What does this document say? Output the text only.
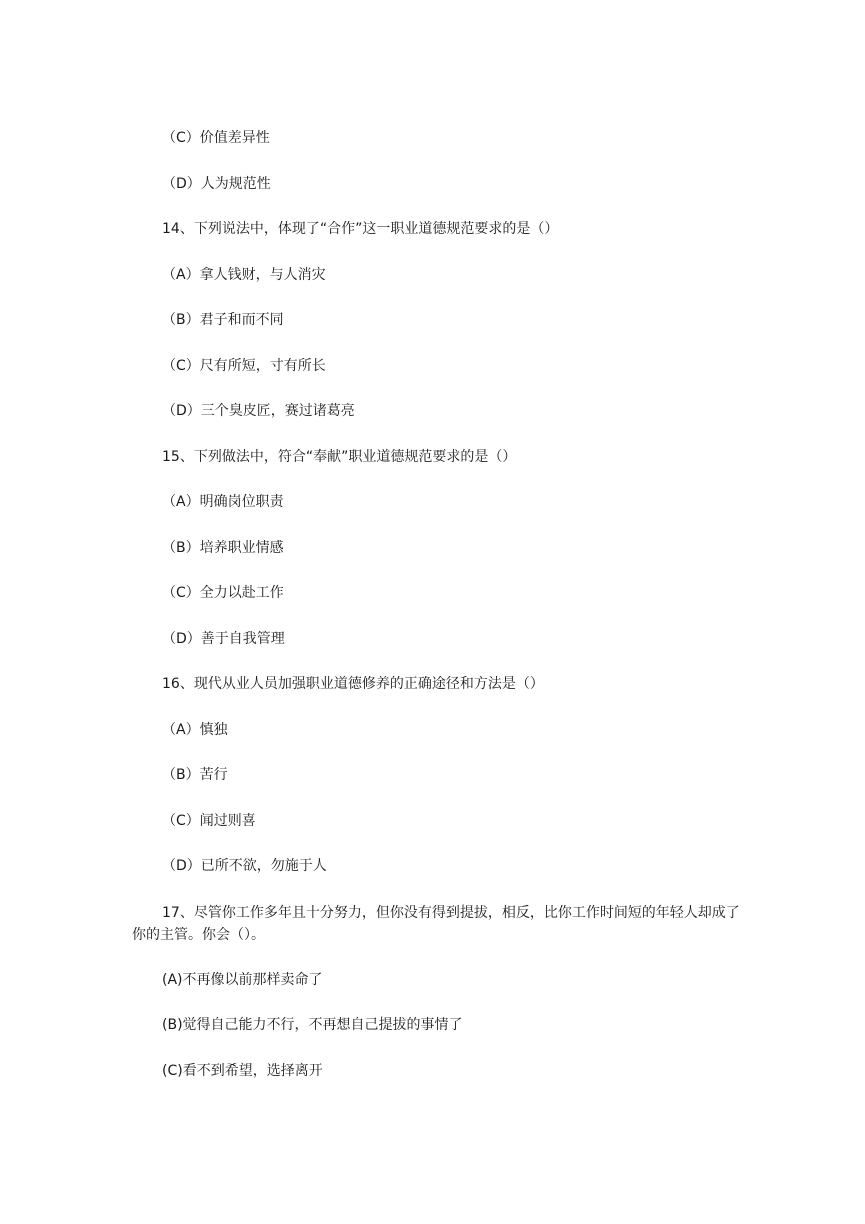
（C）价值差异性
（D）人为规范性
14、下列说法中，体现了“合作”这一职业道德规范要求的是（）
（A）拿人钱财，与人消灾
（B）君子和而不同
（C）尺有所短，寸有所长
（D）三个臭皮匠，赛过诸葛亮
15、下列做法中，符合“奉献”职业道德规范要求的是（）
（A）明确岗位职责
（B）培养职业情感
（C）全力以赴工作
（D）善于自我管理
16、现代从业人员加强职业道德修养的正确途径和方法是（）
（A）慎独
（B）苦行
（C）闻过则喜
（D）已所不欲，勿施于人
17、尽管你工作多年且十分努力，但你没有得到提拔，相反，比你工作时间短的年轻人却成了你的主管。你会（）。
(A)不再像以前那样卖命了
(B)觉得自己能力不行，不再想自己提拔的事情了
(C)看不到希望，选择离开
